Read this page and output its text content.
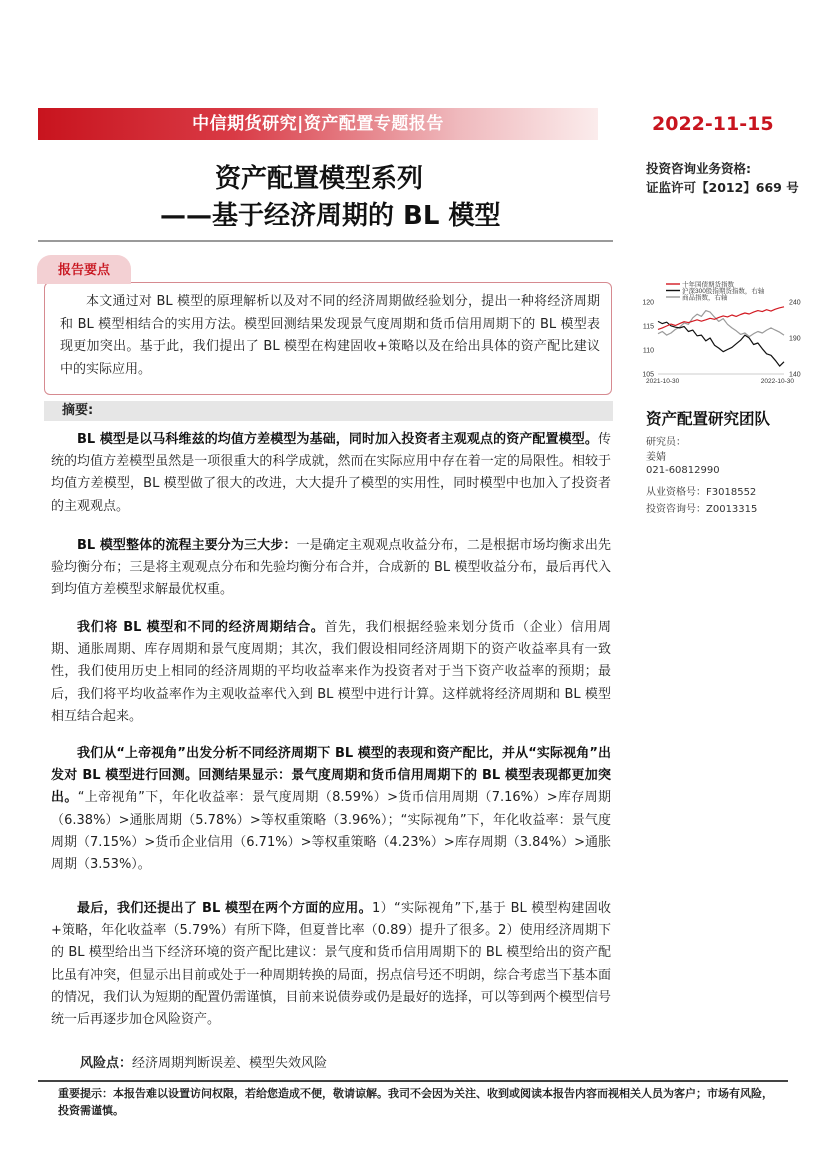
中信期货研究|资产配置专题报告	2022-11-15
资产配置模型系列
——基于经济周期的 BL 模型
投资咨询业务资格:
证监许可【2012】669 号
报告要点
本文通过对 BL 模型的原理解析以及对不同的经济周期做经验划分，提出一种将经济周期和 BL 模型相结合的实用方法。模型回测结果发现景气度周期和货币信用周期下的 BL 模型表现更加突出。基于此，我们提出了 BL 模型在构建固收+策略以及在给出具体的资产配比建议中的实际应用。
摘要:

BL 模型是以马科维兹的均值方差模型为基础，同时加入投资者主观观点的资产配置模型。传统的均值方差模型虽然是一项很重大的科学成就，然而在实际应用中存在着一定的局限性。相较于均值方差模型，BL 模型做了很大的改进，大大提升了模型的实用性，同时模型中也加入了投资者的主观观点。

BL 模型整体的流程主要分为三大步：一是确定主观观点收益分布，二是根据市场均衡求出先验均衡分布；三是将主观观点分布和先验均衡分布合并，合成新的 BL 模型收益分布，最后再代入到均值方差模型求解最优权重。

我们将 BL 模型和不同的经济周期结合。首先，我们根据经验来划分货币（企业）信用周期、通胀周期、库存周期和景气度周期；其次，我们假设相同经济周期下的资产收益率具有一致性，我们使用历史上相同的经济周期的平均收益率来作为投资者对于当下资产收益率的预期；最后，我们将平均收益率作为主观收益率代入到 BL 模型中进行计算。这样就将经济周期和 BL 模型相互结合起来。

我们从“上帝视角”出发分析不同经济周期下 BL 模型的表现和资产配比，并从“实际视角”出发对 BL 模型进行回测。回测结果显示：景气度周期和货币信用周期下的 BL 模型表现都更加突出。“上帝视角”下，年化收益率：景气度周期（8.59%）>货币信用周期（7.16%）>库存周期（6.38%）>通胀周期（5.78%）>等权重策略（3.96%）；“实际视角”下，年化收益率：景气度周期（7.15%）>货币企业信用（6.71%）>等权重策略（4.23%）>库存周期（3.84%）>通胀周期（3.53%）。

最后，我们还提出了 BL 模型在两个方面的应用。1）“实际视角”下,基于 BL 模型构建固收+策略，年化收益率（5.79%）有所下降，但夏普比率（0.89）提升了很多。2）使用经济周期下的 BL 模型给出当下经济环境的资产配比建议：景气度和货币信用周期下的 BL 模型给出的资产配比虽有冲突，但显示出目前或处于一种周期转换的局面，拐点信号还不明朗，综合考虑当下基本面的情况，我们认为短期的配置仍需谨慎，目前来说债券或仍是最好的选择，可以等到两个模型信号统一后再逐步加仓风险资产。

风险点：经济周期判断误差、模型失效风险
重要提示：本报告难以设置访问权限，若给您造成不便，敬请谅解。我司不会因为关注、收到或阅读本报告内容而视相关人员为客户；市场有风险，投资需谨慎。
十年国债期货指数
沪深300股指期货指数，右轴
商品指数，右轴
105
110
115
120
140
190
240
2021-10-30	2022-10-30
资产配置研究团队
研究员：
姜婧
021-60812990
从业资格号：F3018552
投资咨询号：Z0013315
